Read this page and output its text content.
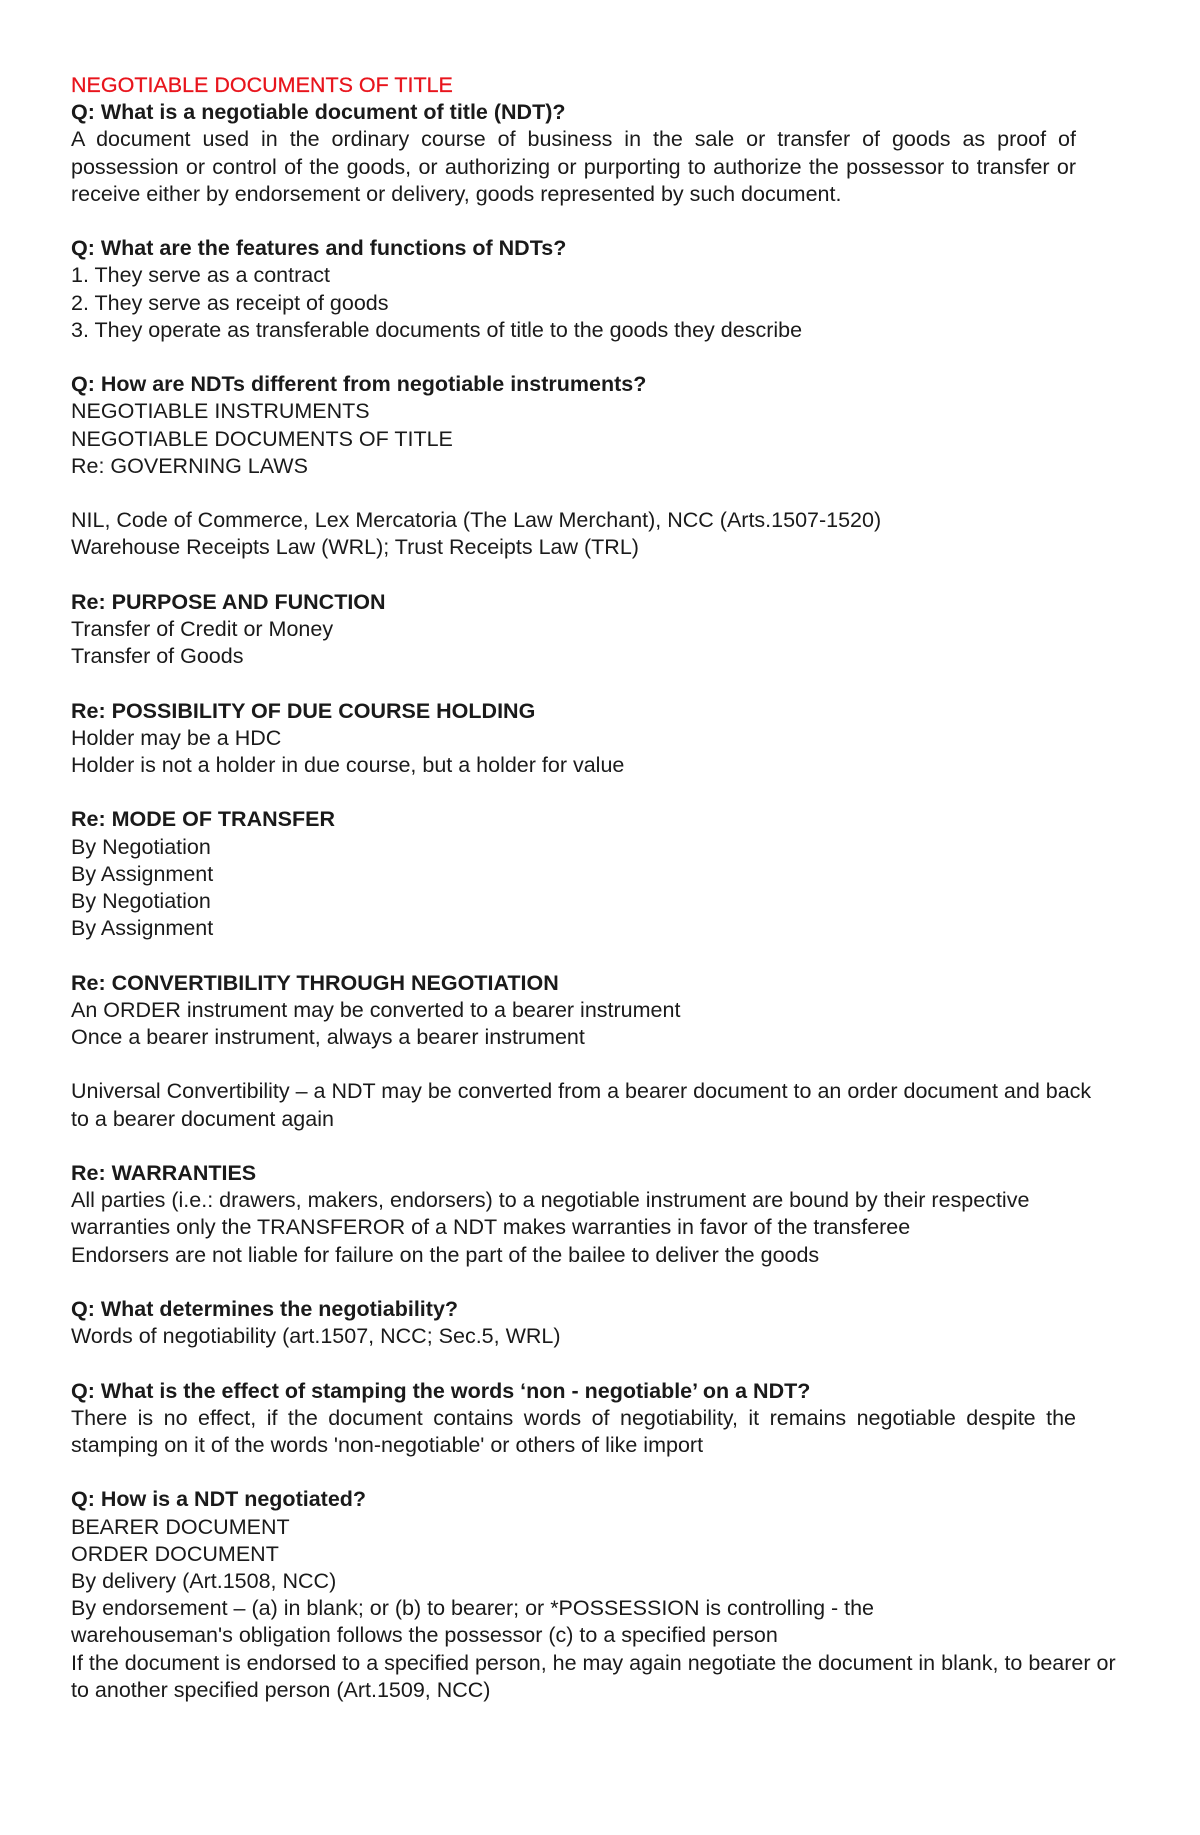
NEGOTIABLE DOCUMENTS OF TITLE

Q: What is a negotiable document of title (NDT)?

A document used in the ordinary course of business in the sale or transfer of goods as proof of possession or control of the goods, or authorizing or purporting to authorize the possessor to transfer or receive either by endorsement or delivery, goods represented by such document.

Q: What are the features and functions of NDTs?

1. They serve as a contract

2. They serve as receipt of goods

3. They operate as transferable documents of title to the goods they describe

Q: How are NDTs different from negotiable instruments?

NEGOTIABLE INSTRUMENTS

NEGOTIABLE DOCUMENTS OF TITLE

Re: GOVERNING LAWS

NIL, Code of Commerce, Lex Mercatoria (The Law Merchant), NCC (Arts.1507-1520)

Warehouse Receipts Law (WRL); Trust Receipts Law (TRL)

Re: PURPOSE AND FUNCTION

Transfer of Credit or Money

Transfer of Goods

Re: POSSIBILITY OF DUE COURSE HOLDING

Holder may be a HDC

Holder is not a holder in due course, but a holder for value

Re: MODE OF TRANSFER

By Negotiation

By Assignment

By Negotiation

By Assignment

Re: CONVERTIBILITY THROUGH NEGOTIATION

An ORDER instrument may be converted to a bearer instrument

Once a bearer instrument, always a bearer instrument

Universal Convertibility – a NDT may be converted from a bearer document to an order document and back to a bearer document again

Re: WARRANTIES

All parties (i.e.: drawers, makers, endorsers) to a negotiable instrument are bound by their respective warranties only the TRANSFEROR of a NDT makes warranties in favor of the transferee

Endorsers are not liable for failure on the part of the bailee to deliver the goods

Q: What determines the negotiability?

Words of negotiability (art.1507, NCC; Sec.5, WRL)

Q: What is the effect of stamping the words ‘non - negotiable’ on a NDT?

There is no effect, if the document contains words of negotiability, it remains negotiable despite the stamping on it of the words 'non-negotiable' or others of like import

Q: How is a NDT negotiated?

BEARER DOCUMENT

ORDER DOCUMENT

By delivery (Art.1508, NCC)

By endorsement – (a) in blank; or (b) to bearer; or *POSSESSION is controlling - the warehouseman's obligation follows the possessor (c) to a specified person

If the document is endorsed to a specified person, he may again negotiate the document in blank, to bearer or to another specified person (Art.1509, NCC)
